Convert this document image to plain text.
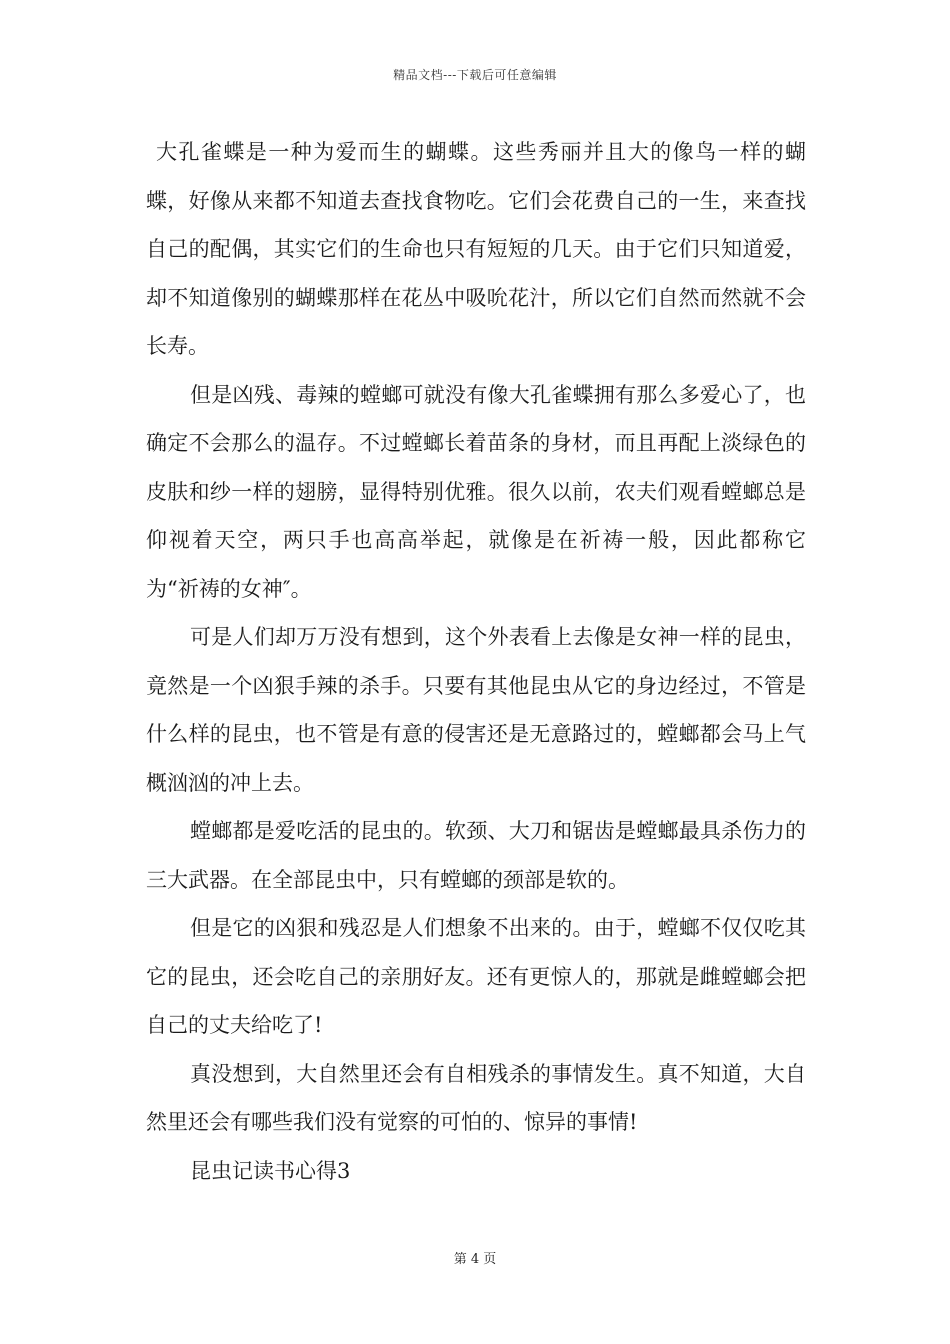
精品文档---下载后可任意编辑

大孔雀蝶是一种为爱而生的蝴蝶。这些秀丽并且大的像鸟一样的蝴蝶，好像从来都不知道去查找食物吃。它们会花费自己的一生，来查找自己的配偶，其实它们的生命也只有短短的几天。由于它们只知道爱，却不知道像别的蝴蝶那样在花丛中吸吮花汁，所以它们自然而然就不会长寿。

但是凶残、毒辣的螳螂可就没有像大孔雀蝶拥有那么多爱心了，也确定不会那么的温存。不过螳螂长着苗条的身材，而且再配上淡绿色的皮肤和纱一样的翅膀，显得特别优雅。很久以前，农夫们观看螳螂总是仰视着天空，两只手也高高举起，就像是在祈祷一般，因此都称它为“祈祷的女神″。

可是人们却万万没有想到，这个外表看上去像是女神一样的昆虫，竟然是一个凶狠手辣的杀手。只要有其他昆虫从它的身边经过，不管是什么样的昆虫，也不管是有意的侵害还是无意路过的，螳螂都会马上气概汹汹的冲上去。

螳螂都是爱吃活的昆虫的。软颈、大刀和锯齿是螳螂最具杀伤力的三大武器。在全部昆虫中，只有螳螂的颈部是软的。

但是它的凶狠和残忍是人们想象不出来的。由于，螳螂不仅仅吃其它的昆虫，还会吃自己的亲朋好友。还有更惊人的，那就是雌螳螂会把自己的丈夫给吃了!

真没想到，大自然里还会有自相残杀的事情发生。真不知道，大自然里还会有哪些我们没有觉察的可怕的、惊异的事情!

昆虫记读书心得3

第 4 页
